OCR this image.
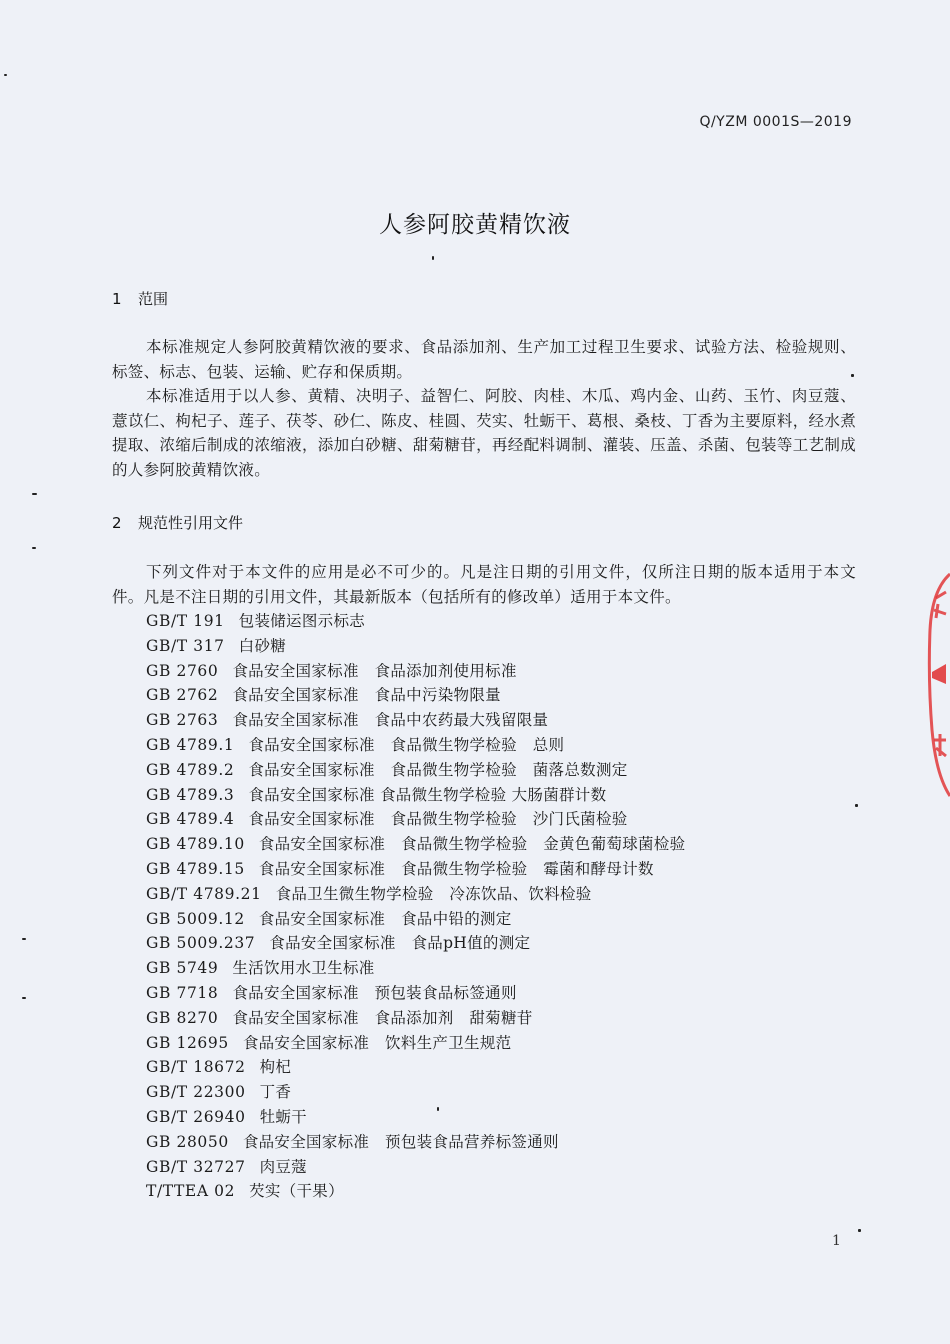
Q/YZM 0001S—2019
人参阿胶黄精饮液
1 范围
本标准规定人参阿胶黄精饮液的要求、食品添加剂、生产加工过程卫生要求、试验方法、检验规则、标签、标志、包装、运输、贮存和保质期。
本标准适用于以人参、黄精、决明子、益智仁、阿胶、肉桂、木瓜、鸡内金、山药、玉竹、肉豆蔻、薏苡仁、枸杞子、莲子、茯苓、砂仁、陈皮、桂圆、芡实、牡蛎干、葛根、桑枝、丁香为主要原料，经水煮提取、浓缩后制成的浓缩液，添加白砂糖、甜菊糖苷，再经配料调制、灌装、压盖、杀菌、包装等工艺制成的人参阿胶黄精饮液。
2 规范性引用文件
下列文件对于本文件的应用是必不可少的。凡是注日期的引用文件，仅所注日期的版本适用于本文件。凡是不注日期的引用文件，其最新版本（包括所有的修改单）适用于本文件。
GB/T 191 包装储运图示标志
GB/T 317 白砂糖
GB 2760 食品安全国家标准　食品添加剂使用标准
GB 2762 食品安全国家标准　食品中污染物限量
GB 2763 食品安全国家标准　食品中农药最大残留限量
GB 4789.1 食品安全国家标准　食品微生物学检验　总则
GB 4789.2 食品安全国家标准　食品微生物学检验　菌落总数测定
GB 4789.3 食品安全国家标准 食品微生物学检验 大肠菌群计数
GB 4789.4 食品安全国家标准　食品微生物学检验　沙门氏菌检验
GB 4789.10 食品安全国家标准　食品微生物学检验　金黄色葡萄球菌检验
GB 4789.15 食品安全国家标准　食品微生物学检验　霉菌和酵母计数
GB/T 4789.21 食品卫生微生物学检验　冷冻饮品、饮料检验
GB 5009.12 食品安全国家标准　食品中铅的测定
GB 5009.237 食品安全国家标准　食品pH值的测定
GB 5749 生活饮用水卫生标准
GB 7718 食品安全国家标准　预包装食品标签通则
GB 8270 食品安全国家标准　食品添加剂　甜菊糖苷
GB 12695 食品安全国家标准　饮料生产卫生规范
GB/T 18672 枸杞
GB/T 22300 丁香
GB/T 26940 牡蛎干
GB 28050 食品安全国家标准　预包装食品营养标签通则
GB/T 32727 肉豆蔻
T/TTEA 02 芡实（干果）
1
